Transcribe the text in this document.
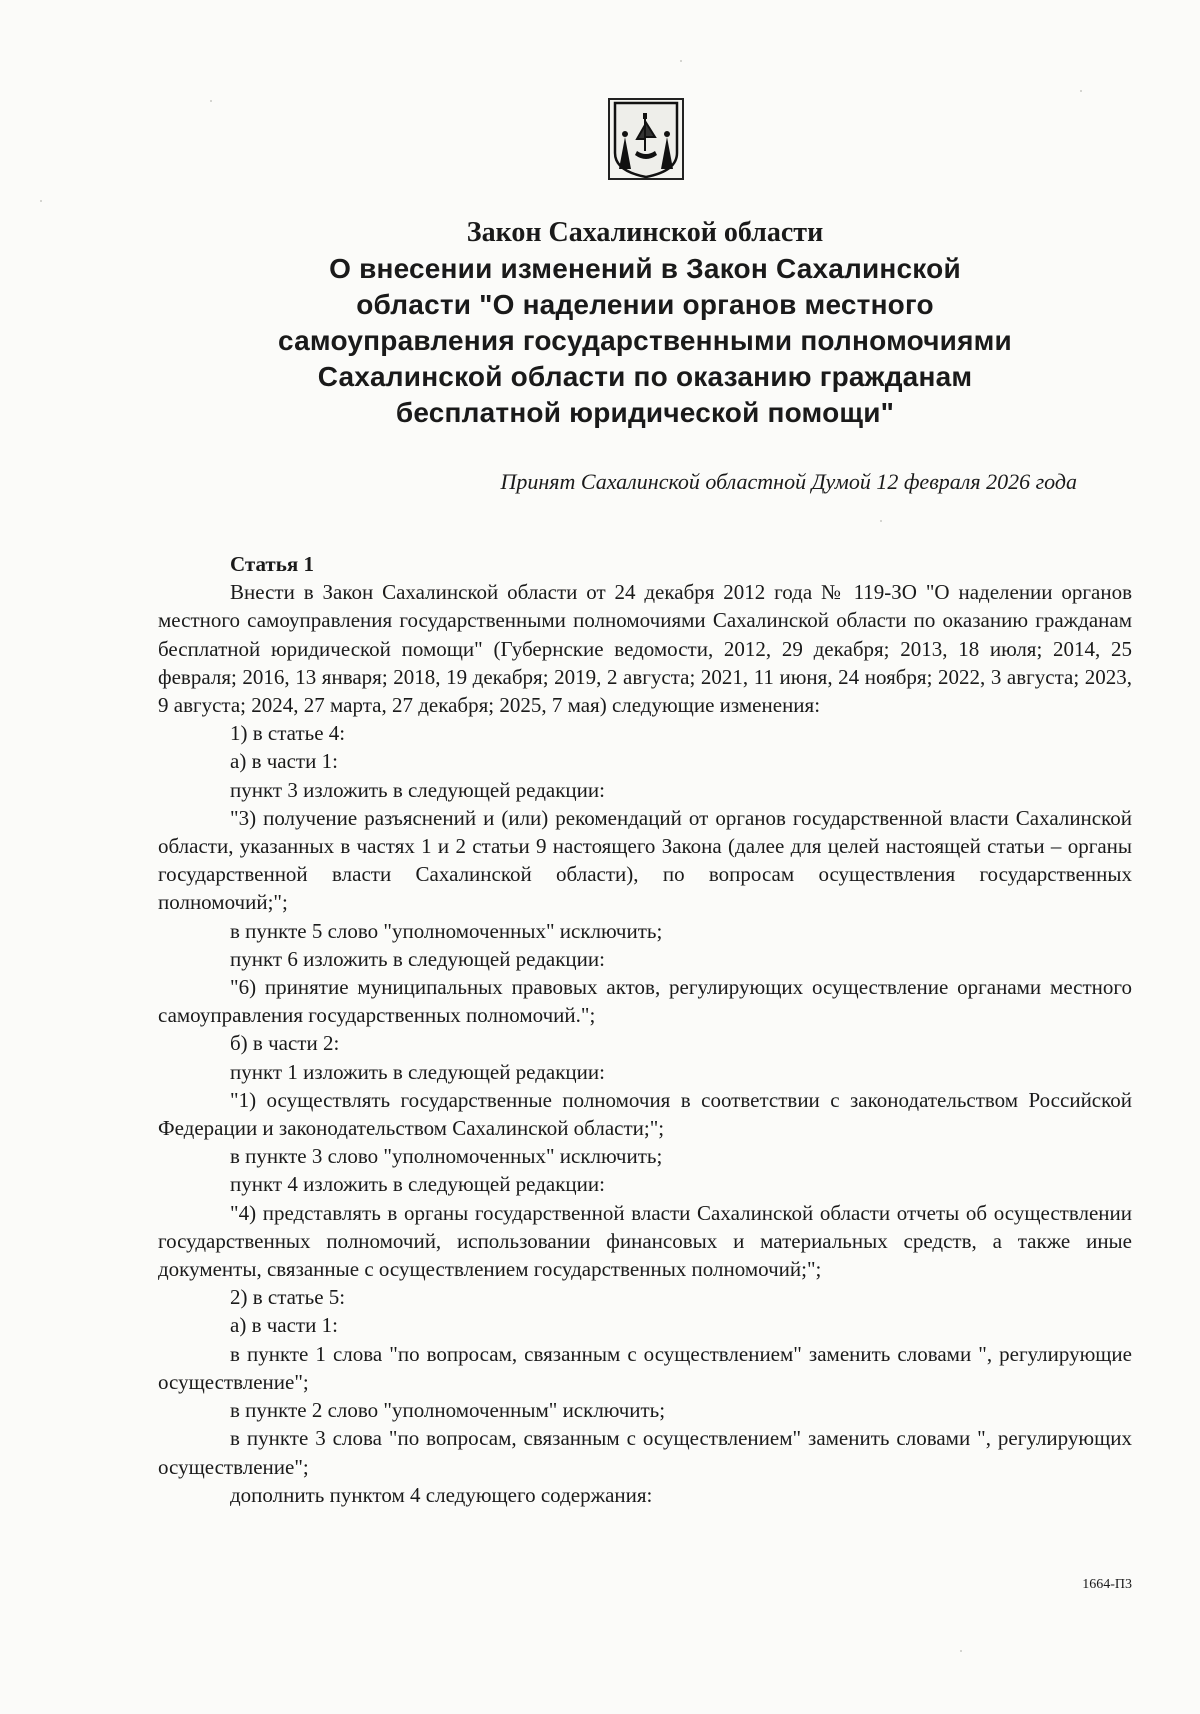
Закон Сахалинской области

О внесении изменений в Закон Сахалинской

области "О наделении органов местного

самоуправления государственными полномочиями

Сахалинской области по оказанию гражданам

бесплатной юридической помощи"

Принят Сахалинской областной Думой 12 февраля 2026 года

Статья 1

Внести в Закон Сахалинской области от 24 декабря 2012 года № 119-ЗО "О наделении органов местного самоуправления государственными полномочиями Сахалинской области по оказанию гражданам бесплатной юридической помощи" (Губернские ведомости, 2012, 29 декабря; 2013, 18 июля; 2014, 25 февраля; 2016, 13 января; 2018, 19 декабря; 2019, 2 августа; 2021, 11 июня, 24 ноября; 2022, 3 августа; 2023, 9 августа; 2024, 27 марта, 27 декабря; 2025, 7 мая) следующие изменения:

1) в статье 4:

а) в части 1:

пункт 3 изложить в следующей редакции:

"3) получение разъяснений и (или) рекомендаций от органов государственной власти Сахалинской области, указанных в частях 1 и 2 статьи 9 настоящего Закона (далее для целей настоящей статьи – органы государственной власти Сахалинской области), по вопросам осуществления государственных полномочий;";

в пункте 5 слово "уполномоченных" исключить;

пункт 6 изложить в следующей редакции:

"6) принятие муниципальных правовых актов, регулирующих осуществление органами местного самоуправления государственных полномочий.";

б) в части 2:

пункт 1 изложить в следующей редакции:

"1) осуществлять государственные полномочия в соответствии с законодательством Российской Федерации и законодательством Сахалинской области;";

в пункте 3 слово "уполномоченных" исключить;

пункт 4 изложить в следующей редакции:

"4) представлять в органы государственной власти Сахалинской области отчеты об осуществлении государственных полномочий, использовании финансовых и материальных средств, а также иные документы, связанные с осуществлением государственных полномочий;";

2) в статье 5:

а) в части 1:

в пункте 1 слова "по вопросам, связанным с осуществлением" заменить словами ", регулирующие осуществление";

в пункте 2 слово "уполномоченным" исключить;

в пункте 3 слова "по вопросам, связанным с осуществлением" заменить словами ", регулирующих осуществление";

дополнить пунктом 4 следующего содержания:

1664-П3
